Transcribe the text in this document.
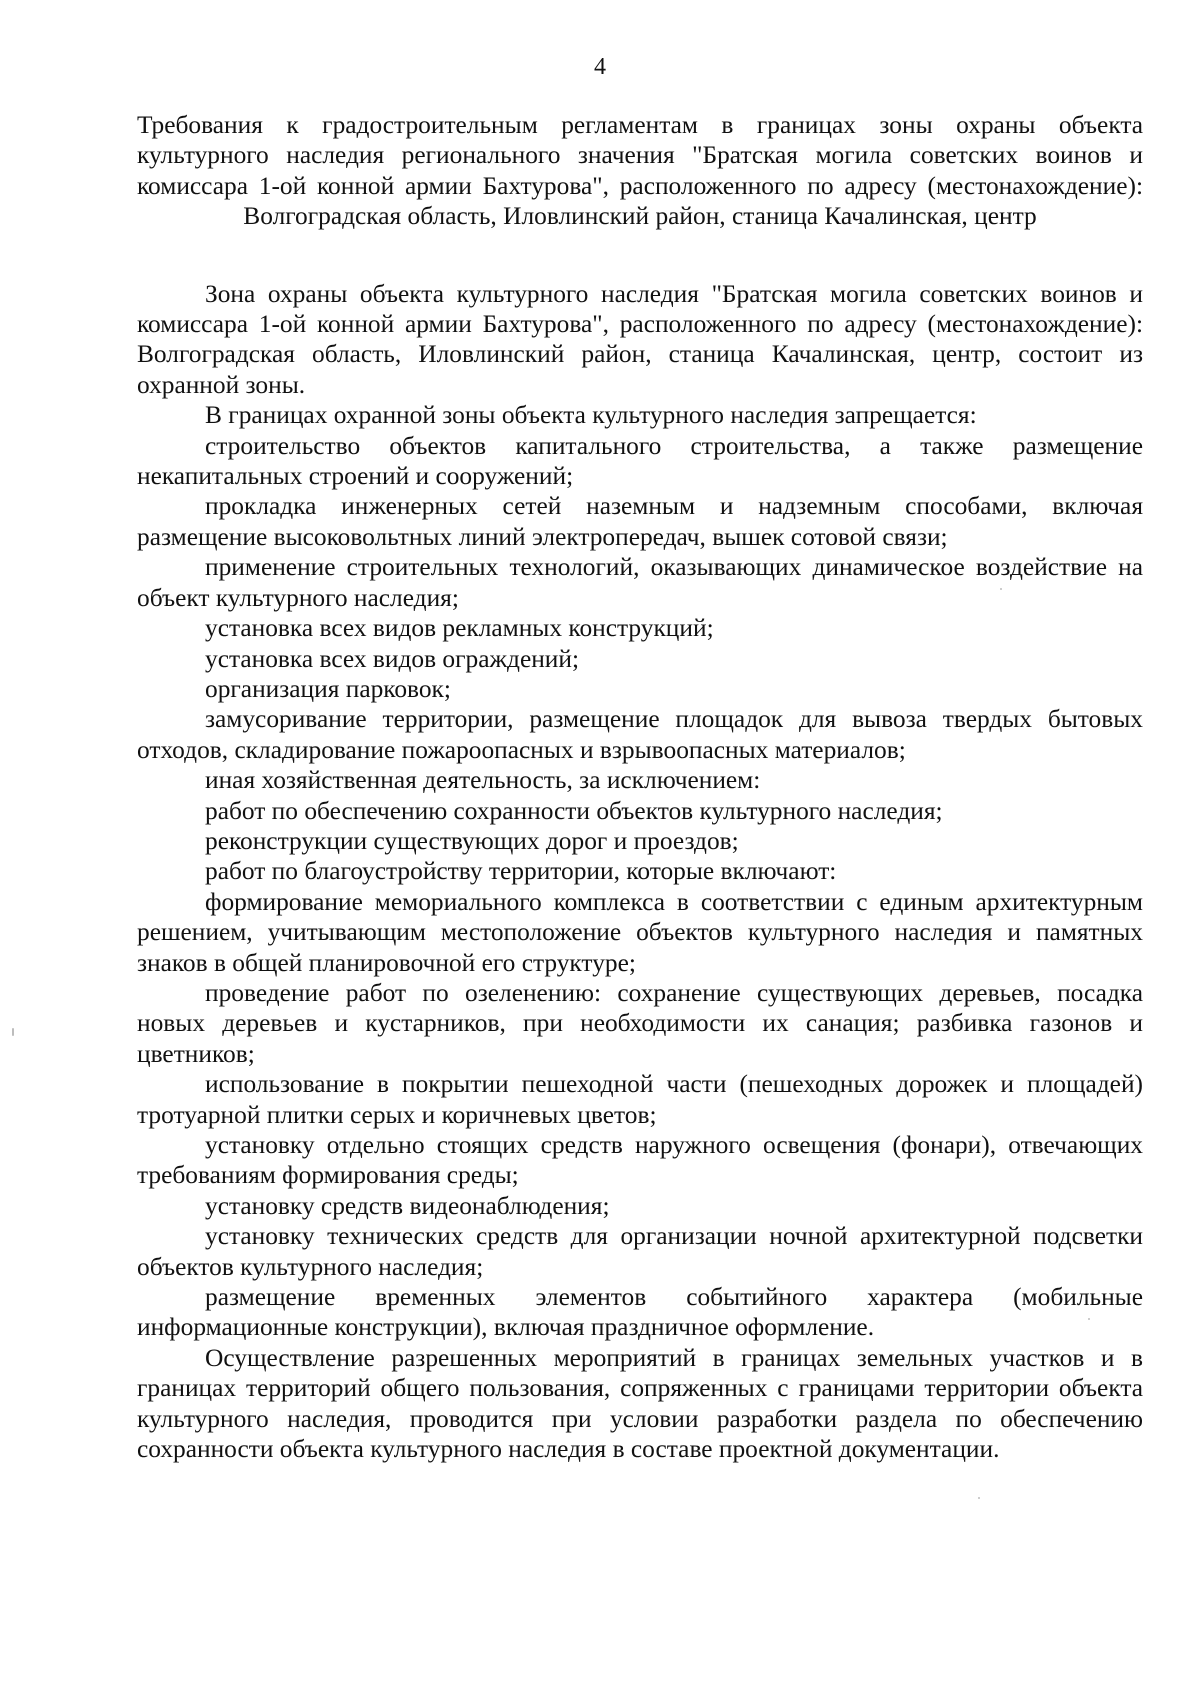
4

Требования к градостроительным регламентам в границах зоны охраны объекта культурного наследия регионального значения "Братская могила советских воинов и комиссара 1-ой конной армии Бахтурова", расположенного по адресу (местонахождение): Волгоградская область, Иловлинский район, станица Качалинская, центр

Зона охраны объекта культурного наследия "Братская могила советских воинов и комиссара 1-ой конной армии Бахтурова", расположенного по адресу (местонахождение): Волгоградская область, Иловлинский район, станица Качалинская, центр, состоит из охранной зоны.

В границах охранной зоны объекта культурного наследия запрещается:

строительство объектов капитального строительства, а также размещение некапитальных строений и сооружений;

прокладка инженерных сетей наземным и надземным способами, включая размещение высоковольтных линий электропередач, вышек сотовой связи;

применение строительных технологий, оказывающих динамическое воздействие на объект культурного наследия;

установка всех видов рекламных конструкций;

установка всех видов ограждений;

организация парковок;

замусоривание территории, размещение площадок для вывоза твердых бытовых отходов, складирование пожароопасных и взрывоопасных материалов;

иная хозяйственная деятельность, за исключением:

работ по обеспечению сохранности объектов культурного наследия;

реконструкции существующих дорог и проездов;

работ по благоустройству территории, которые включают:

формирование мемориального комплекса в соответствии с единым архитектурным решением, учитывающим местоположение объектов культурного наследия и памятных знаков в общей планировочной его структуре;

проведение работ по озеленению: сохранение существующих деревьев, посадка новых деревьев и кустарников, при необходимости их санация; разбивка газонов и цветников;

использование в покрытии пешеходной части (пешеходных дорожек и площадей) тротуарной плитки серых и коричневых цветов;

установку отдельно стоящих средств наружного освещения (фонари), отвечающих требованиям формирования среды;

установку средств видеонаблюдения;

установку технических средств для организации ночной архитектурной подсветки объектов культурного наследия;

размещение временных элементов событийного характера (мобильные информационные конструкции), включая праздничное оформление.

Осуществление разрешенных мероприятий в границах земельных участков и в границах территорий общего пользования, сопряженных с границами территории объекта культурного наследия, проводится при условии разработки раздела по обеспечению сохранности объекта культурного наследия в составе проектной документации.
